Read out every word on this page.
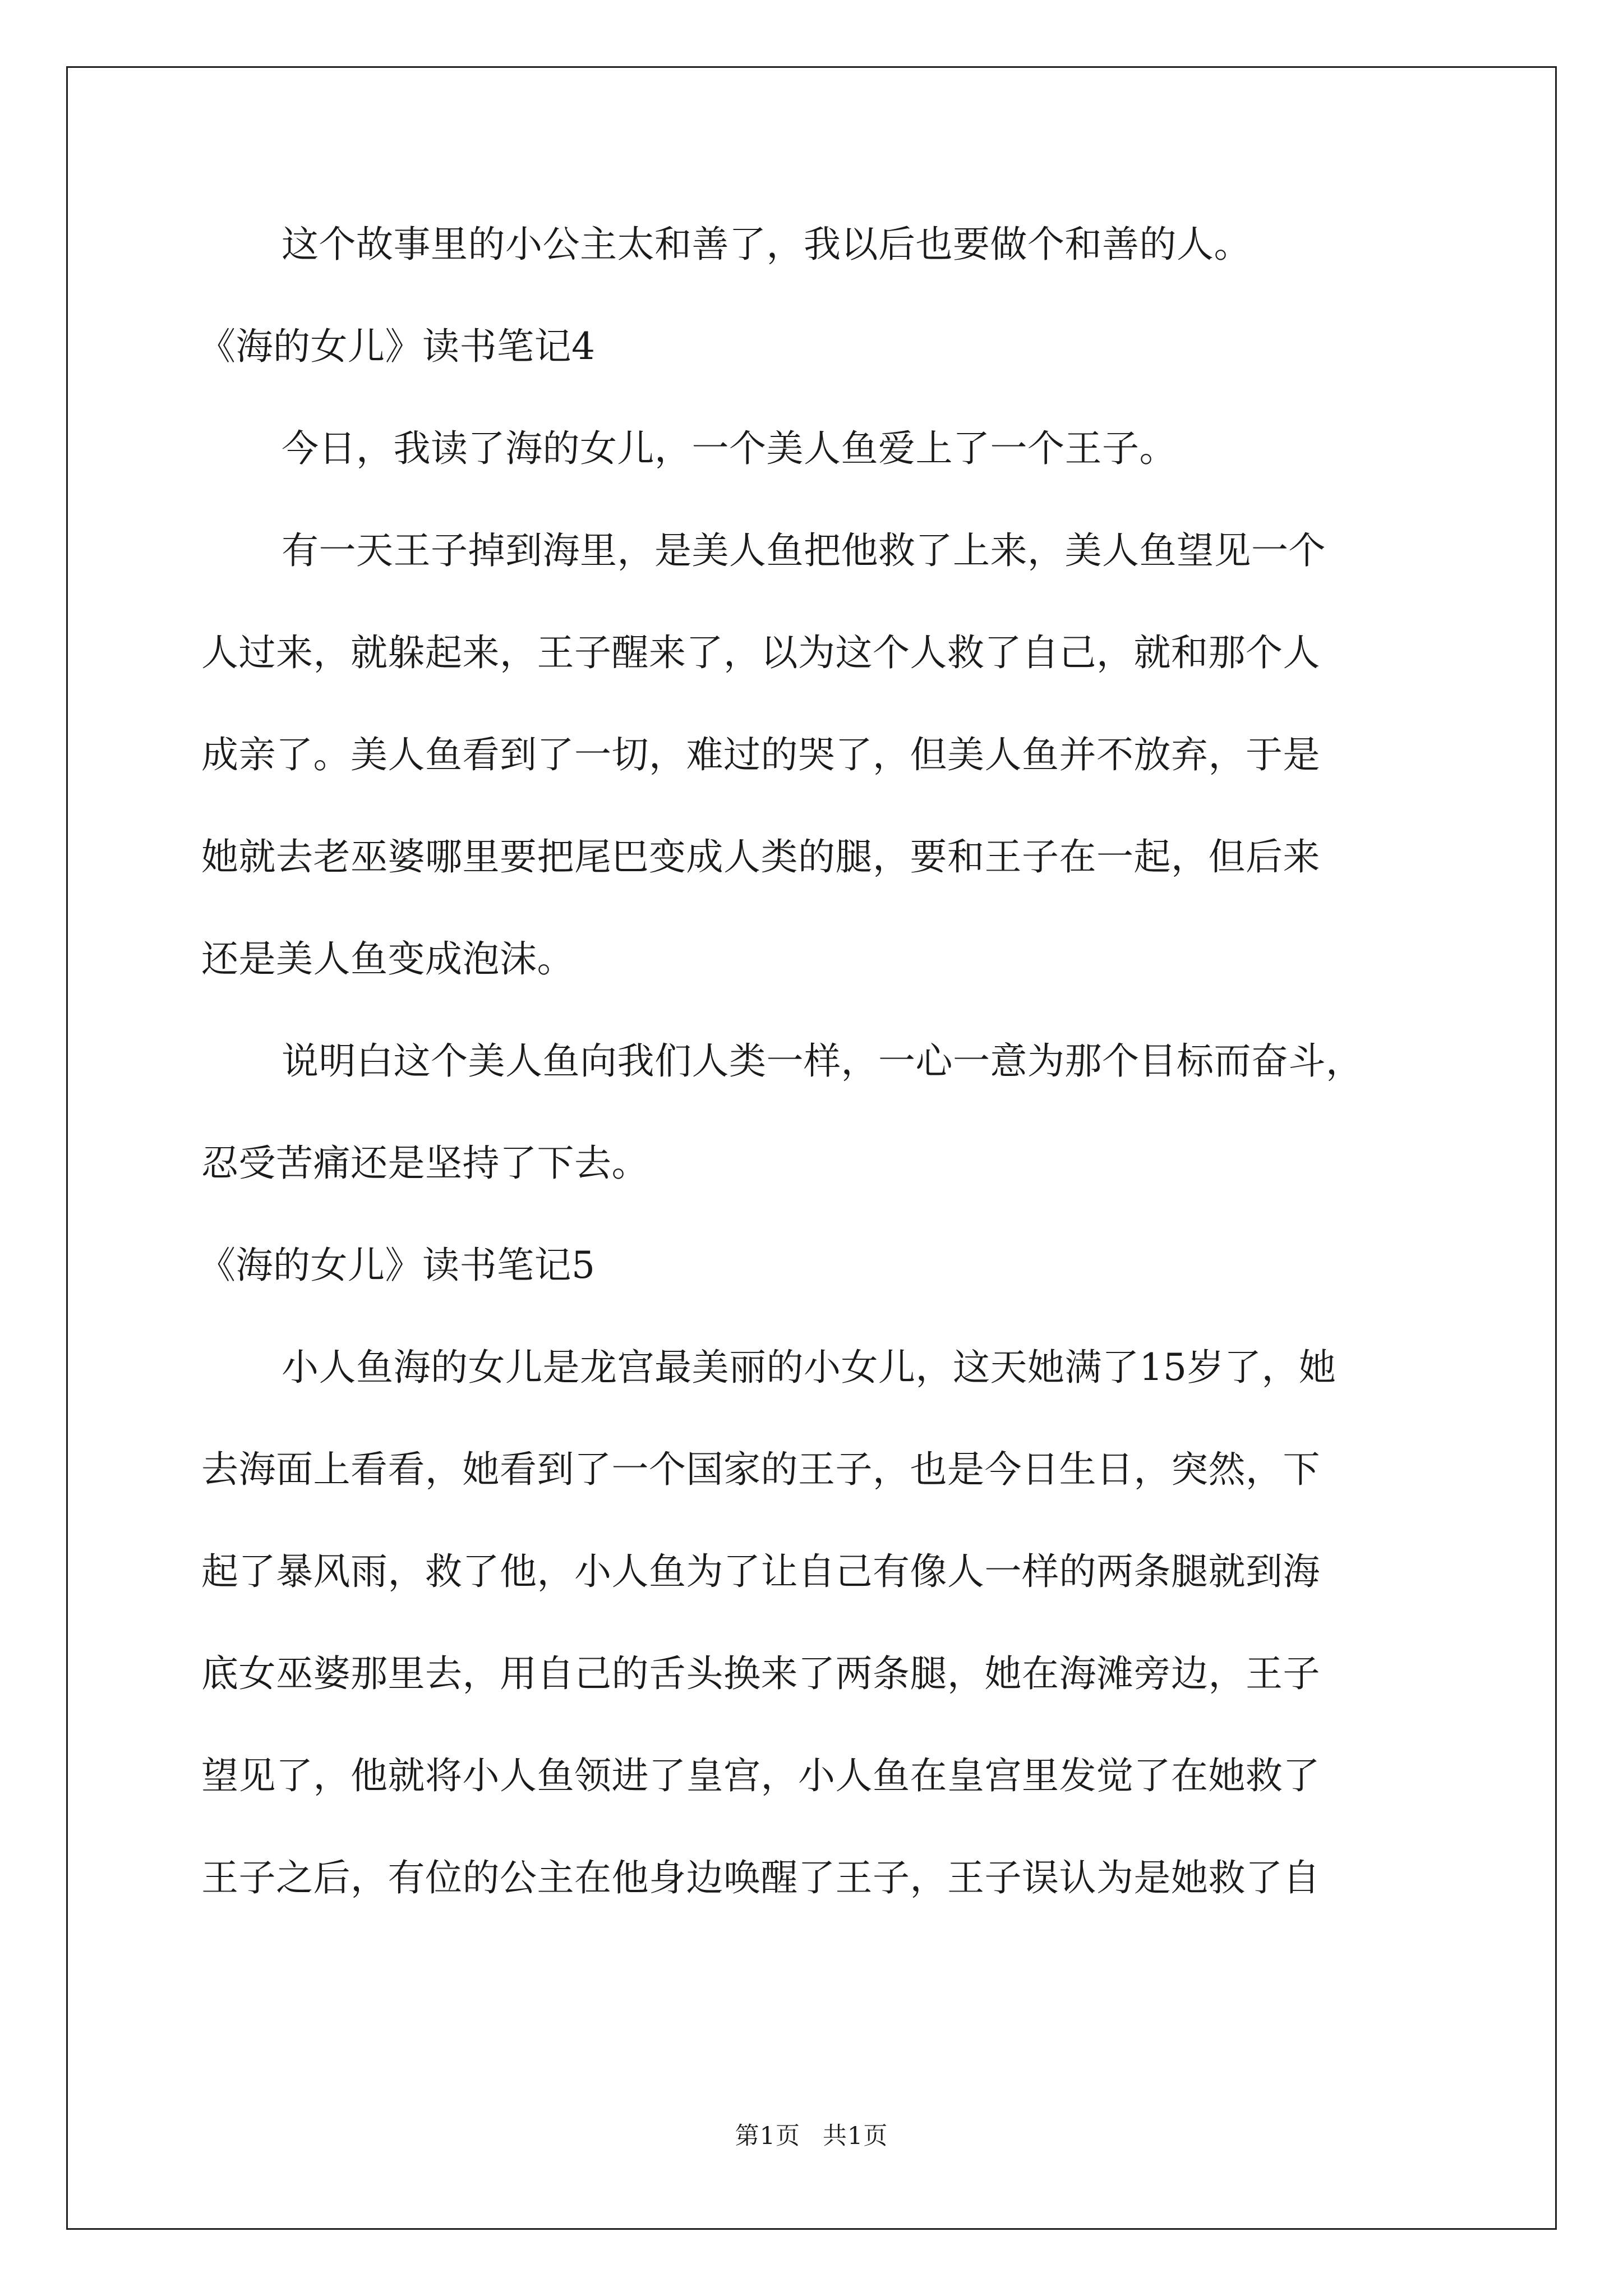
这个故事里的小公主太和善了，我以后也要做个和善的人。
《海的女儿》读书笔记4
今日，我读了海的女儿，一个美人鱼爱上了一个王子。
有一天王子掉到海里，是美人鱼把他救了上来，美人鱼望见一个
人过来，就躲起来，王子醒来了，以为这个人救了自己，就和那个人
成亲了。美人鱼看到了一切，难过的哭了，但美人鱼并不放弃，于是
她就去老巫婆哪里要把尾巴变成人类的腿，要和王子在一起，但后来
还是美人鱼变成泡沫。
说明白这个美人鱼向我们人类一样，一心一意为那个目标而奋斗，
忍受苦痛还是坚持了下去。
《海的女儿》读书笔记5
小人鱼海的女儿是龙宫最美丽的小女儿，这天她满了15岁了，她
去海面上看看，她看到了一个国家的王子，也是今日生日，突然，下
起了暴风雨，救了他，小人鱼为了让自己有像人一样的两条腿就到海
底女巫婆那里去，用自己的舌头换来了两条腿，她在海滩旁边，王子
望见了，他就将小人鱼领进了皇宫，小人鱼在皇宫里发觉了在她救了
王子之后，有位的公主在他身边唤醒了王子，王子误认为是她救了自
第1页 共1页
